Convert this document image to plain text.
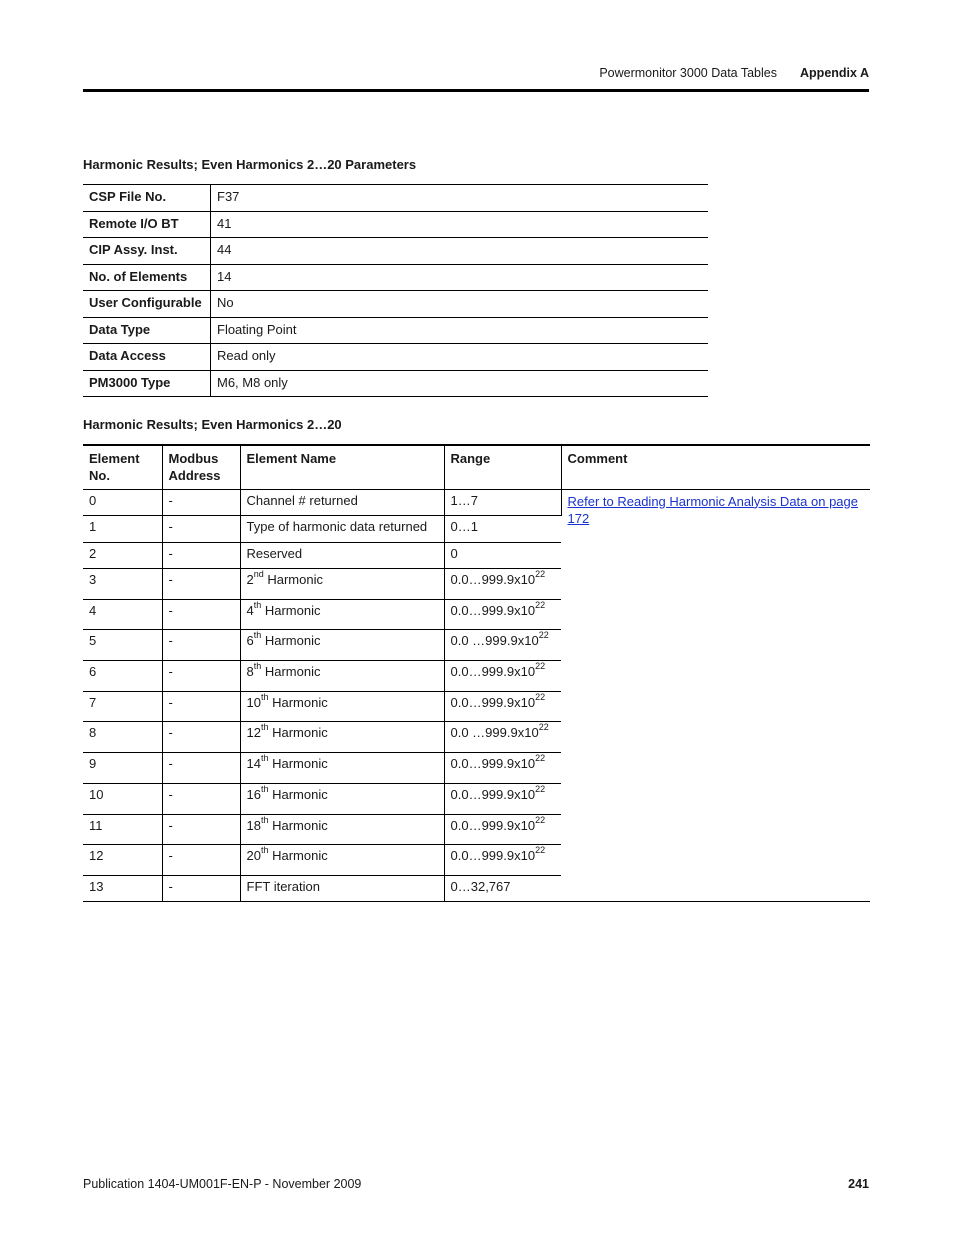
Powermonitor 3000 Data Tables Appendix A
Harmonic Results; Even Harmonics 2…20 Parameters
CSP File No.	F37
Remote I/O BT	41
CIP Assy. Inst.	44
No. of Elements	14
User Configurable	No
Data Type	Floating Point
Data Access	Read only
PM3000 Type	M6, M8 only
Harmonic Results; Even Harmonics 2…20
Element No.	Modbus Address	Element Name	Range	Comment
0	-	Channel # returned	1…7	Refer to Reading Harmonic Analysis Data on page 172
1	-	Type of harmonic data returned	0…1	
2	-	Reserved	0	
3	-	2nd Harmonic	$0.0\dots 999.9x10^{22}$
4	-	4th Harmonic	$0.0\dots 999.9x10^{22}$
5	-	6th Harmonic	0.0 $\dots 999.9x10^{22}$
6	-	8th Harmonic	$0.0\dots 999.9x10^{22}$
7	-	10th Harmonic	$0.0\dots 999.9x10^{22}$
8	-	12th Harmonic	0.0 $\dots 999.9x10^{22}$
9	-	14th Harmonic	$0.0\dots 999.9x10^{22}$
10	-	16th Harmonic	$0.0\dots 999.9x10^{22}$
11	-	18th Harmonic	$0.0\dots 999.9x10^{22}$
12	-	20th Harmonic	$0.0\dots 999.9x10^{22}$
13	-	FFT iteration	0…32,767	
Publication 1404-UM001F-EN-P - November 2009	241
